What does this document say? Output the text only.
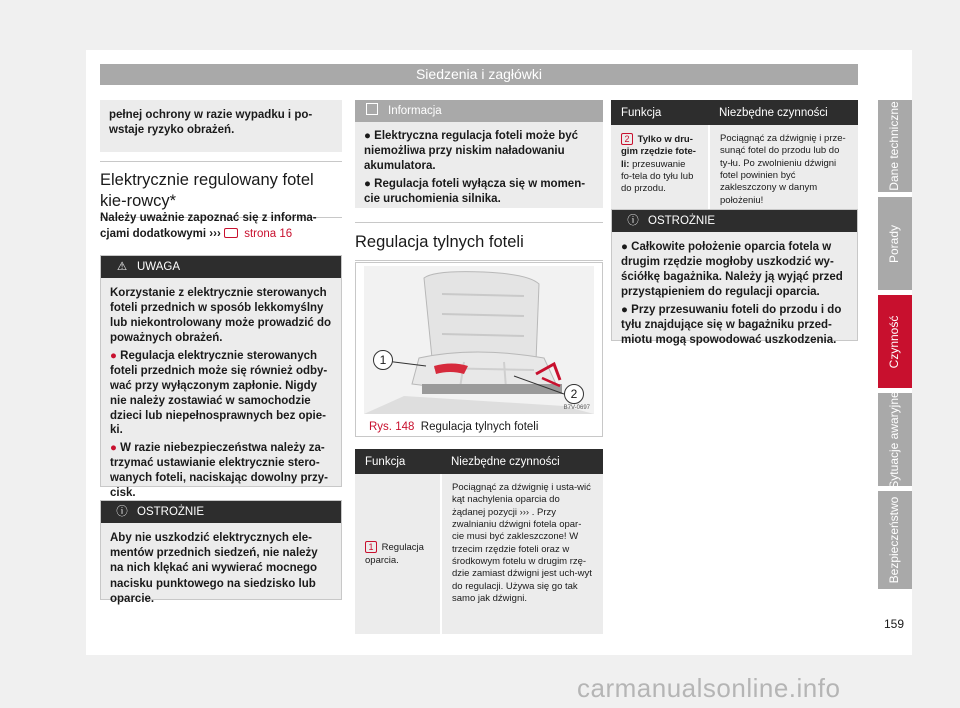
Siedzenia i zagłówki
pełnej ochrony w razie wypadku i po-wstaje ryzyko obrażeń.
Elektrycznie regulowany fotel kie-rowcy*
Należy uważnie zapoznać się z informa-cjami dodatkowymi ›››  strona 16
⚠ UWAGA
Korzystanie z elektrycznie sterowanych foteli przednich w sposób lekkomyślny lub niekontrolowany może prowadzić do poważnych obrażeń.
● Regulacja elektrycznie sterowanych foteli przednich może się również odby-wać przy wyłączonym zapłonie. Nigdy nie należy zostawiać w samochodzie dzieci lub niepełnosprawnych bez opie-ki.
● W razie niebezpieczeństwa należy za-trzymać ustawianie elektrycznie stero-wanych foteli, naciskając dowolny przy-cisk.
ⓘ OSTROŻNIE
Aby nie uszkodzić elektrycznych ele-mentów przednich siedzeń, nie należy na nich klękać ani wywierać mocnego nacisku punktowego na siedzisko lub oparcie.
Informacja
● Elektryczna regulacja foteli może być niemożliwa przy niskim naładowaniu akumulatora.
● Regulacja foteli wyłącza się w momen-cie uruchomienia silnika.
Regulacja tylnych foteli
1
2
B7V-0697
Rys. 148 Regulacja tylnych foteli
Funkcja	Niezbędne czynności
1 Regulacja oparcia.	Pociągnąć za dźwignię i usta-wić kąt nachylenia oparcia do żądanej pozycji ››› . Przy zwalnianiu dźwigni fotela opar-cie musi być zakleszczone! W trzecim rzędzie foteli oraz w środkowym fotelu w drugim rzę-dzie zamiast dźwigni jest uch-wyt do regulacji. Używa się go tak samo jak dźwigni.
Funkcja	Niezbędne czynności
2 Tylko w dru-gim rzędzie fote-li: przesuwanie fo-tela do tyłu lub do przodu.	Pociągnąć za dźwignię i prze-sunąć fotel do przodu lub do ty-łu. Po zwolnieniu dźwigni fotel powinien być zakleszczony w danym położeniu!
ⓘ OSTROŻNIE
● Całkowite położenie oparcia fotela w drugim rzędzie mogłoby uszkodzić wy-ściółkę bagażnika. Należy ją wyjąć przed przystąpieniem do regulacji oparcia.
● Przy przesuwaniu foteli do przodu i do tyłu znajdujące się w bagażniku przed-miotu mogą spowodować uszkodzenia.
Dane techniczne
Porady
Czynność
Sytuacje awaryjne
Bezpieczeństwo
159
carmanualsonline.info
